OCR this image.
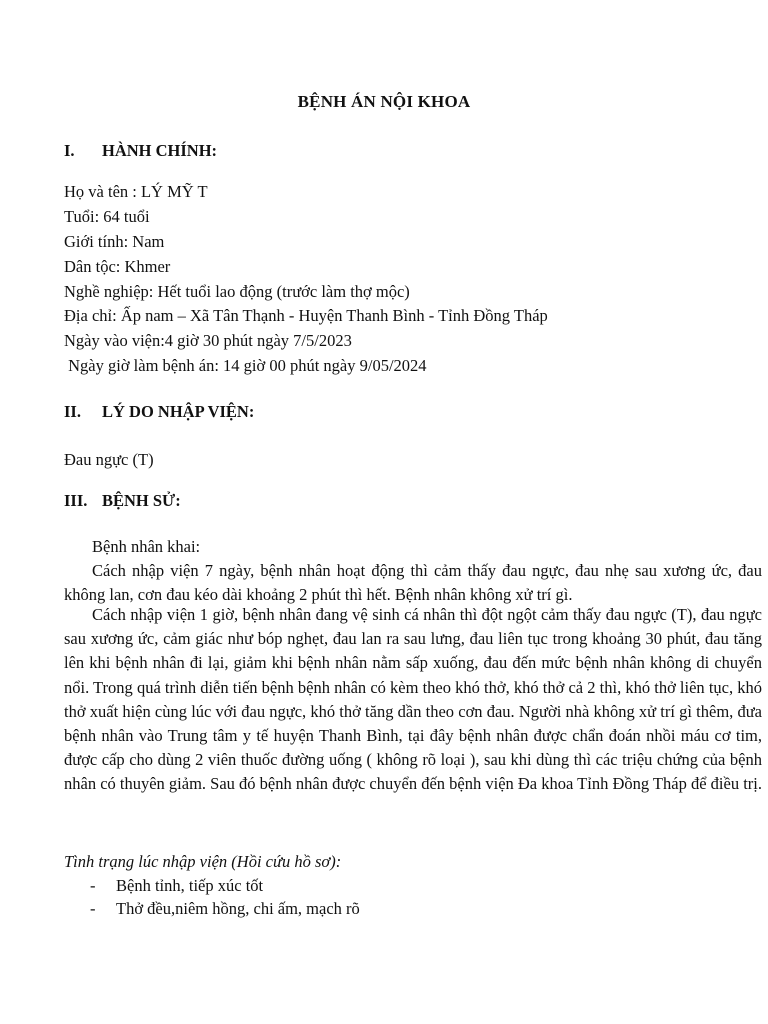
BỆNH ÁN NỘI KHOA
I. HÀNH CHÍNH:
Họ và tên : LÝ MỸ T
Tuổi: 64 tuổi
Giới tính: Nam
Dân tộc: Khmer
Nghề nghiệp: Hết tuổi lao động (trước làm thợ mộc)
Địa chỉ: Ấp nam – Xã Tân Thạnh - Huyện Thanh Bình - Tỉnh Đồng Tháp
Ngày vào viện:4 giờ 30 phút ngày 7/5/2023
Ngày giờ làm bệnh án: 14 giờ 00 phút ngày 9/05/2024
II. LÝ DO NHẬP VIỆN:
Đau ngực (T)
III. BỆNH SỬ:
Bệnh nhân khai:
Cách nhập viện 7 ngày, bệnh nhân hoạt động thì cảm thấy đau ngực, đau nhẹ sau xương ức, đau không lan, cơn đau kéo dài khoảng 2 phút thì hết. Bệnh nhân không xử trí gì.
Cách nhập viện 1 giờ, bệnh nhân đang vệ sinh cá nhân thì đột ngột cảm thấy đau ngực (T), đau ngực sau xương ức, cảm giác như bóp nghẹt, đau lan ra sau lưng, đau liên tục trong khoảng 30 phút, đau tăng lên khi bệnh nhân đi lại, giảm khi bệnh nhân nằm sấp xuống, đau đến mức bệnh nhân không di chuyển nổi. Trong quá trình diễn tiến bệnh bệnh nhân có kèm theo khó thở, khó thở cả 2 thì, khó thở liên tục, khó thở xuất hiện cùng lúc với đau ngực, khó thở tăng dần theo cơn đau. Người nhà không xử trí gì thêm, đưa bệnh nhân vào Trung tâm y tế huyện Thanh Bình, tại đây bệnh nhân được chẩn đoán nhồi máu cơ tim, được cấp cho dùng 2 viên thuốc đường uống ( không rõ loại ), sau khi dùng thì các triệu chứng của bệnh nhân có thuyên giảm. Sau đó bệnh nhân được chuyển đến bệnh viện Đa khoa Tỉnh Đồng Tháp để điều trị.
Tình trạng lúc nhập viện (Hồi cứu hồ sơ):
- Bệnh tỉnh, tiếp xúc tốt
- Thở đều,niêm hồng, chi ấm, mạch rõ
